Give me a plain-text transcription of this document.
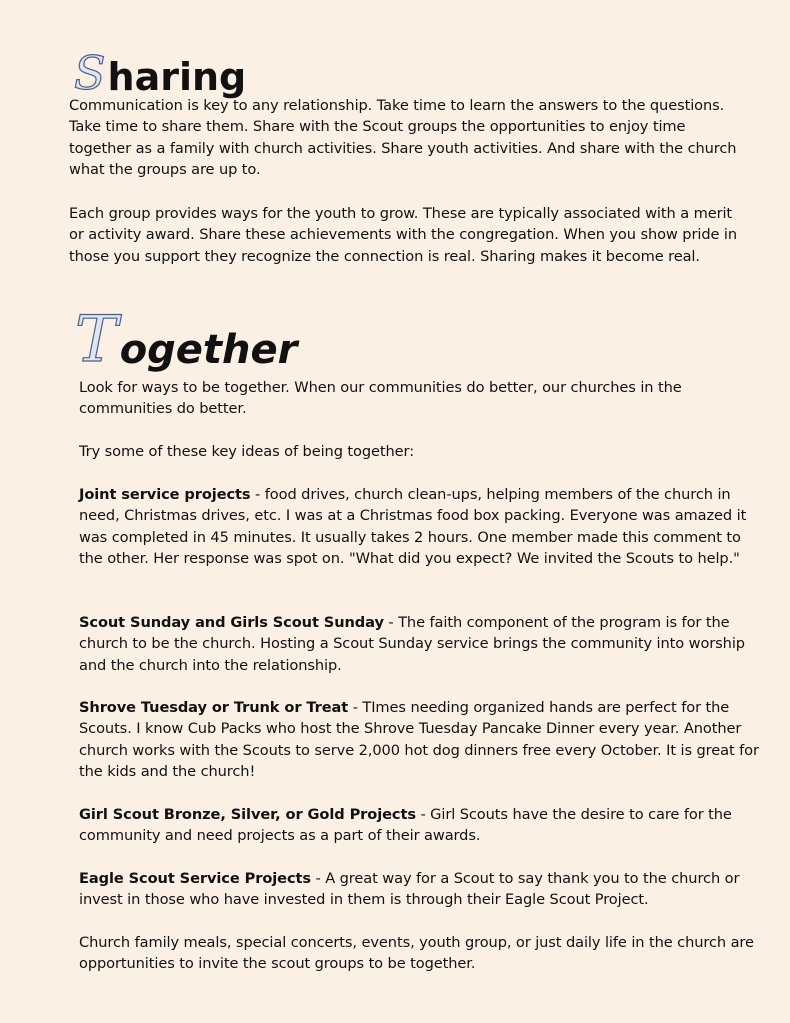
S haring

Communication is key to any relationship. Take time to learn the answers to the questions. Take time to share them. Share with the Scout groups the opportunities to enjoy time together as a family with church activities. Share youth activities. And share with the church what the groups are up to.

Each group provides ways for the youth to grow. These are typically associated with a merit or activity award. Share these achievements with the congregation. When you show pride in those you support they recognize the connection is real. Sharing makes it become real.

T ogether

Look for ways to be together. When our communities do better, our churches in the communities do better.

Try some of these key ideas of being together:

Joint service projects - food drives, church clean-ups, helping members of the church in need, Christmas drives, etc. I was at a Christmas food box packing. Everyone was amazed it was completed in 45 minutes. It usually takes 2 hours. One member made this comment to the other. Her response was spot on. "What did you expect? We invited the Scouts to help."

Scout Sunday and Girls Scout Sunday - The faith component of the program is for the church to be the church. Hosting a Scout Sunday service brings the community into worship and the church into the relationship.

Shrove Tuesday or Trunk or Treat - TImes needing organized hands are perfect for the Scouts. I know Cub Packs who host the Shrove Tuesday Pancake Dinner every year. Another church works with the Scouts to serve 2,000 hot dog dinners free every October. It is great for the kids and the church!

Girl Scout Bronze, Silver, or Gold Projects - Girl Scouts have the desire to care for the community and need projects as a part of their awards.

Eagle Scout Service Projects - A great way for a Scout to say thank you to the church or invest in those who have invested in them is through their Eagle Scout Project.

Church family meals, special concerts, events, youth group, or just daily life in the church are opportunities to invite the scout groups to be together.
